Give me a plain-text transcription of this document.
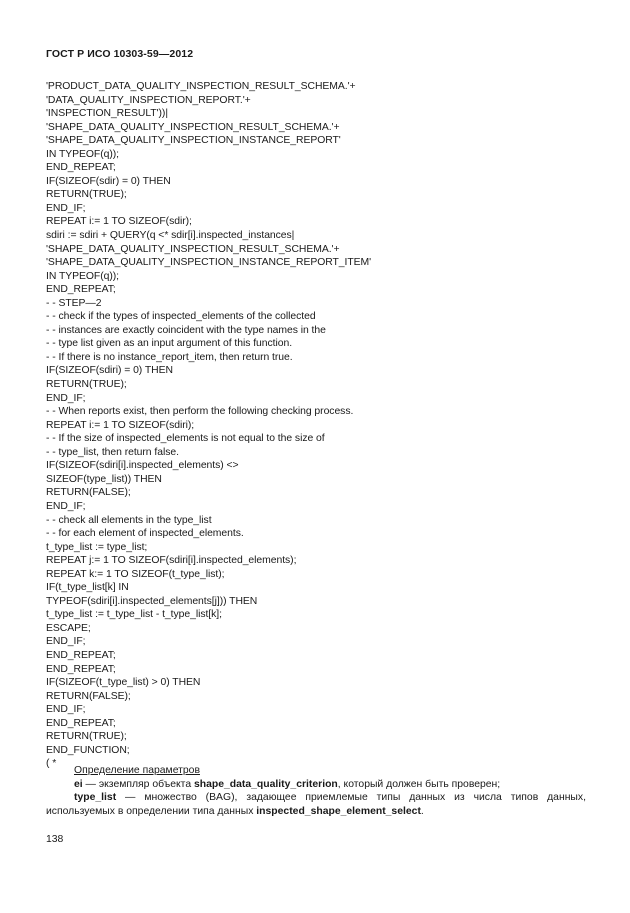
ГОСТ Р ИСО 10303-59—2012
'PRODUCT_DATA_QUALITY_INSPECTION_RESULT_SCHEMA.'+
'DATA_QUALITY_INSPECTION_REPORT.'+
'INSPECTION_RESULT'))|
'SHAPE_DATA_QUALITY_INSPECTION_RESULT_SCHEMA.'+
'SHAPE_DATA_QUALITY_INSPECTION_INSTANCE_REPORT'
IN TYPEOF(q));
END_REPEAT;
IF(SIZEOF(sdir) = 0) THEN
RETURN(TRUE);
END_IF;
REPEAT i:= 1 TO SIZEOF(sdir);
sdiri := sdiri + QUERY(q <* sdir[i].inspected_instances|
'SHAPE_DATA_QUALITY_INSPECTION_RESULT_SCHEMA.'+
'SHAPE_DATA_QUALITY_INSPECTION_INSTANCE_REPORT_ITEM'
IN TYPEOF(q));
END_REPEAT;
- - STEP—2
- - check if the types of inspected_elements of the collected
- - instances are exactly coincident with the type names in the
- - type list given as an input argument of this function.
- - If there is no instance_report_item, then return true.
IF(SIZEOF(sdiri) = 0) THEN
RETURN(TRUE);
END_IF;
- - When reports exist, then perform the following checking process.
REPEAT i:= 1 TO SIZEOF(sdiri);
- - If the size of inspected_elements is not equal to the size of
- - type_list, then return false.
IF(SIZEOF(sdiri[i].inspected_elements) <>
SIZEOF(type_list)) THEN
RETURN(FALSE);
END_IF;
- - check all elements in the type_list
- - for each element of inspected_elements.
t_type_list := type_list;
REPEAT j:= 1 TO SIZEOF(sdiri[i].inspected_elements);
REPEAT k:= 1 TO SIZEOF(t_type_list);
IF(t_type_list[k] IN
TYPEOF(sdiri[i].inspected_elements[j])) THEN
t_type_list := t_type_list - t_type_list[k];
ESCAPE;
END_IF;
END_REPEAT;
END_REPEAT;
IF(SIZEOF(t_type_list) > 0) THEN
RETURN(FALSE);
END_IF;
END_REPEAT;
RETURN(TRUE);
END_FUNCTION;
( *
Определение параметров
ei — экземпляр объекта shape_data_quality_criterion, который должен быть проверен;
type_list — множество (BAG), задающее приемлемые типы данных из числа типов данных,
используемых в определении типа данных inspected_shape_element_select.
138
